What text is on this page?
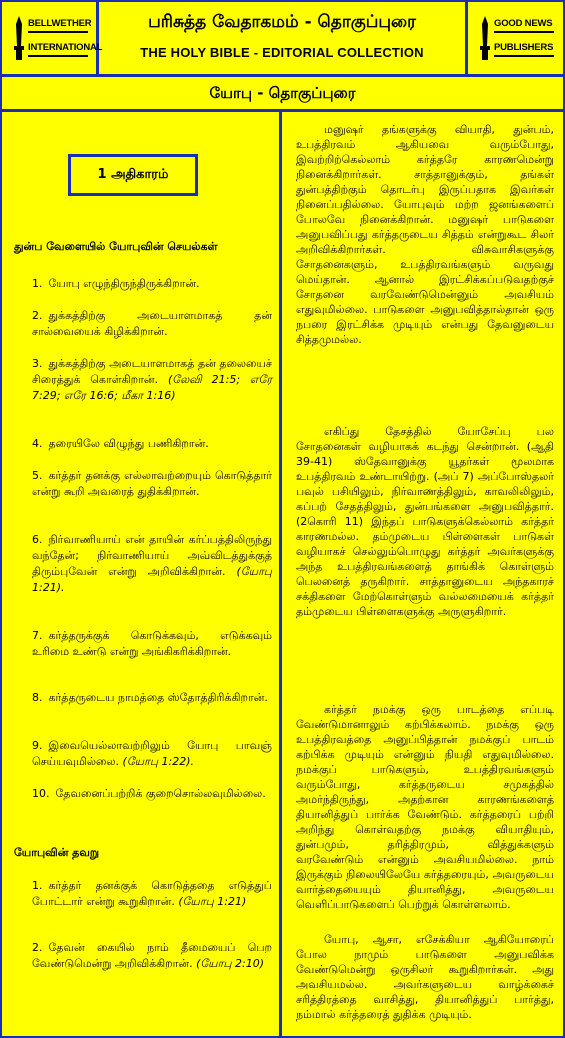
BELLWETHER
INTERNATIONAL
பரிசுத்த வேதாகமம் - தொகுப்புரை
THE HOLY BIBLE - EDITORIAL COLLECTION
GOOD NEWS
PUBLISHERS
யோபு - தொகுப்புரை
1 அதிகாரம்
துன்ப வேளையில் யோபுவின் செயல்கள்
1. யோபு எழுந்திருந்திருக்கிறான்.
2. துக்கத்திற்கு அடையாளமாகத் தன் சால்வையைக் கிழிக்கிறான்.
3. துக்கத்திற்கு அடையாளமாகத் தன் தலையைச் சிரைத்துக் கொள்கிறான். (லேவி 21:5; எரே 7:29; எரே 16:6; மீகா 1:16)
4. தரையிலே விழுந்து பணிகிறான்.
5. கர்த்தர் தனக்கு எல்லாவற்றையும் கொடுத்தார் என்று கூறி அவரைத் துதிக்கிறான்.
6. நிர்வாணியாய் என் தாயின் கர்ப்பத்திலிருந்து வந்தேன்; நிர்வாணியாய் அவ்விடத்துக்குத் திரும்புவேன் என்று அறிவிக்கிறான். (யோபு 1:21).
7. கர்த்தருக்குக் கொடுக்கவும், எடுக்கவும் உரிமை உண்டு என்று அங்கிகரிக்கிறான்.
8. கர்த்தருடைய நாமத்தை ஸ்தோத்திரிக்கிறான்.
9. இவையெல்லாவற்றிலும் யோபு பாவஞ் செய்யவுமில்லை. (யோபு 1:22).
10. தேவனைப்பற்றிக் குறைசொல்லவுமில்லை.
யோபுவின் தவறு
1. கர்த்தர் தனக்குக் கொடுத்ததை எடுத்துப் போட்டார் என்று கூறுகிறான். (யோபு 1:21)
2. தேவன் கையில் நாம் தீமையைப் பெற வேண்டுமென்று அறிவிக்கிறான். (யோபு 2:10)
மனுஷர் தங்களுக்கு வியாதி, துன்பம், உபத்திரவம் ஆகியவை வரும்போது, இவற்றிற்கெல்லாம் கர்த்தரே காரணமென்று நினைக்கிறார்கள். சாத்தானுக்கும், தங்கள் துன்பத்திற்கும் தொடர்பு இருப்பதாக இவர்கள் நினைப்பதில்லை. யோபுவும் மற்ற ஜனங்களைப் போலவே நினைக்கிறான். மனுஷர் பாடுகளை அனுபவிப்பது கர்த்தருடைய சித்தம் என்றுகூட சிலர் அறிவிக்கிறார்கள். விசுவாசிகளுக்கு சோதனைகளும், உபத்திரவங்களும் வருவது மெய்தான். ஆனால் இரட்சிக்கப்படுவதற்குச் சோதனை வரவேண்டுமென்னும் அவசியம் எதுவுமில்லை. பாடுகளை அனுபவித்தால்தான் ஒரு நபரை இரட்சிக்க முடியும் என்பது தேவனுடைய சித்தமுமல்ல.
எகிப்து தேசத்தில் யோசேப்பு பல சோதனைகள் வழியாகக் கடந்து சென்றான். (ஆதி 39-41) ஸ்தேவானுக்கு யூதர்கள் மூலமாக உபத்திரவம் உண்டாயிற்று. (அப் 7) அப்போஸ்தலர் பவுல் பசியிலும், நிர்வாணத்திலும், காவலிலிலும், கப்பற் சேதத்திலும், துன்பங்களை அனுபவித்தார். (2கொரி 11) இந்தப் பாடுகளுக்கெல்லாம் கர்த்தர் காரணமல்ல. தம்முடைய பிள்ளைகள் பாடுகள் வழியாகச் செல்லும்பொழுது கர்த்தர் அவர்களுக்கு அந்த உபத்திரவங்களைத் தாங்கிக் கொள்ளும் பெலனைத் தருகிறார். சாத்தானுடைய அந்தகாரச் சக்திகளை மேற்கொள்ளும் வல்லமையைக் கர்த்தர் தம்முடைய பிள்ளைகளுக்கு அருளுகிறார்.
கர்த்தர் நமக்கு ஒரு பாடத்தை எப்படி வேண்டுமானாலும் கற்பிக்கலாம். நமக்கு ஒரு உபத்திரவத்தை அனுப்பித்தான் நமக்குப் பாடம் கற்பிக்க முடியும் என்னும் நியதி எதுவுமில்லை. நமக்குப் பாடுகளும், உபத்திரவங்களும் வரும்போது, கர்த்தருடைய சமுகத்தில் அமர்ந்திருந்து, அதற்கான காரணங்களைத் தியானித்துப் பார்க்க வேண்டும். கர்த்தரைப் பற்றி அறிந்து கொள்வதற்கு நமக்கு வியாதியும், துன்பமும், தரித்திரமும், வித்துக்களும் வரவேண்டும் என்னும் அவசியமில்லை. நாம் இருக்கும் நிலையிலேயே கர்த்தரையும், அவருடைய வார்த்தையையும் தியானித்து, அவருடைய வெளிப்பாடுகளைப் பெற்றுக் கொள்ளலாம்.
யோபு, ஆசா, எசேக்கியா ஆகியோரைப் போல நாமும் பாடுகளை அனுபவிக்க வேண்டுமென்று ஒருசிலர் கூறுகிறார்கள். அது அவசியமல்ல. அவர்களுடைய வாழ்க்கைச் சரித்திரத்தை வாசித்து, தியானித்துப் பார்த்து, நம்மால் கர்த்தரைத் துதிக்க முடியும்.
